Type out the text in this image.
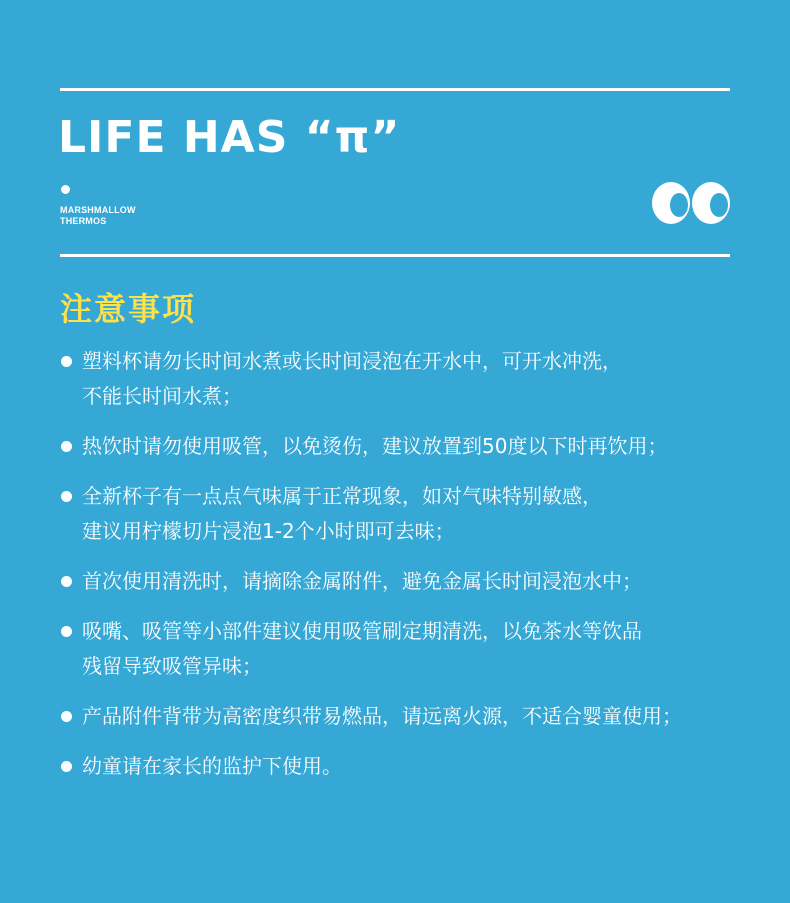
LIFE HAS “π”
MARSHMALLOW
THERMOS
注意事项
塑料杯请勿长时间水煮或长时间浸泡在开水中，可开水冲洗，
不能长时间水煮；
热饮时请勿使用吸管，以免烫伤，建议放置到50度以下时再饮用；
全新杯子有一点点气味属于正常现象，如对气味特别敏感，
建议用柠檬切片浸泡1-2个小时即可去味；
首次使用清洗时，请摘除金属附件，避免金属长时间浸泡水中；
吸嘴、吸管等小部件建议使用吸管刷定期清洗，以免茶水等饮品
残留导致吸管异味；
产品附件背带为高密度织带易燃品，请远离火源，不适合婴童使用；
幼童请在家长的监护下使用。
